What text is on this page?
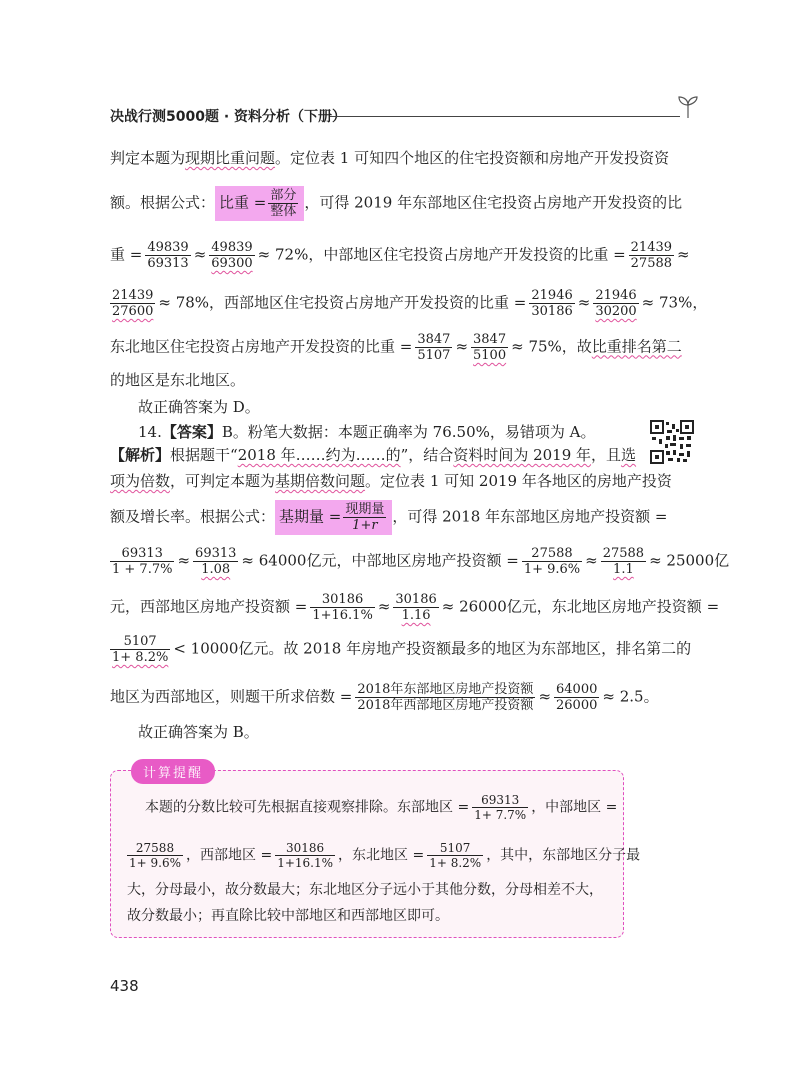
决战行测5000题 · 资料分析（下册）
判定本题为现期比重问题。定位表 1 可知四个地区的住宅投资额和房地产开发投资资
额。根据公式： 比重 = $\frac{\text{部分}}{\text{整体}}$ ，可得 2019 年东部地区住宅投资占房地产开发投资的比
重 = $\frac{49839}{69313} \approx \frac{49839}{69300} \approx 72\%$，中部地区住宅投资占房地产开发投资的比重 = $\frac{21439}{27588}$ ≈
$\frac{21439}{27600} \approx 78\%$，西部地区住宅投资占房地产开发投资的比重 = $\frac{21946}{30186} \approx \frac{21946}{30200} \approx 73\%$，
东北地区住宅投资占房地产开发投资的比重 = $\frac{3847}{5107} \approx \frac{3847}{5100} \approx 75\%$，故比重排名第二
的地区是东北地区。
故正确答案为 D。
14.【答案】B。粉笔大数据：本题正确率为 76.50%，易错项为 A。
【解析】根据题干“2018 年……约为……的”，结合资料时间为 2019 年，且选
项为倍数，可判定本题为基期倍数问题。定位表 1 可知 2019 年各地区的房地产投资
额及增长率。根据公式： 基期量 = $\frac{\text{现期量}}{1+r}$ ，可得 2018 年东部地区房地产投资额 =
$\frac{69313}{1 + 7.7\%} \approx \frac{69313}{1.08} \approx 64000$亿元，中部地区房地产投资额 = $\frac{27588}{1+ 9.6\%} \approx \frac{27588}{1.1} \approx 25000$亿
元，西部地区房地产投资额 = $\frac{30186}{1+16.1\%} \approx \frac{30186}{1.16} \approx 26000$亿元，东北地区房地产投资额 =
$\frac{5107}{1+ 8.2\%} < 10000$亿元。故 2018 年房地产投资额最多的地区为东部地区，排名第二的
地区为西部地区，则题干所求倍数 = $\frac{\text{2018年东部地区房地产投资额}}{\text{2018年西部地区房地产投资额}} \approx \frac{64000}{26000} \approx 2.5$。
故正确答案为 B。
计算提醒
本题的分数比较可先根据直接观察排除。东部地区 = $\frac{69313}{1+ 7.7\%}$ ，中部地区 =
$\frac{27588}{1+ 9.6\%}$ ，西部地区 = $\frac{30186}{1+16.1\%}$ ，东北地区 = $\frac{5107}{1+ 8.2\%}$ ，其中，东部地区分子最
大，分母最小，故分数最大；东北地区分子远小于其他分数，分母相差不大，
故分数最小；再直除比较中部地区和西部地区即可。
438
